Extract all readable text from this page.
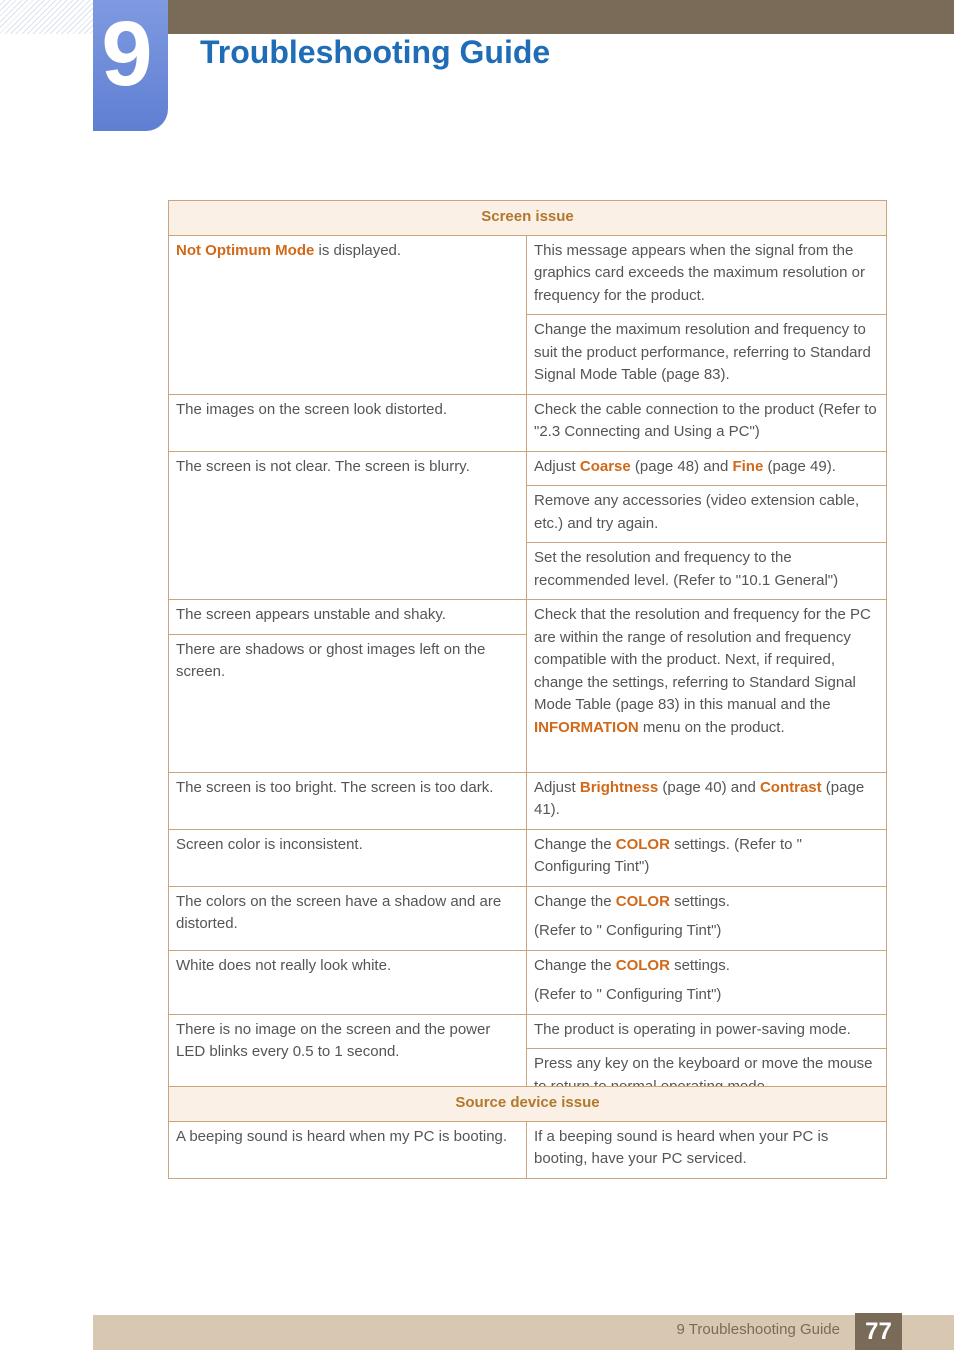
9 Troubleshooting Guide
Screen issue	
Not Optimum Mode is displayed.	This message appears when the signal from the graphics card exceeds the maximum resolution or frequency for the product.

	Change the maximum resolution and frequency to suit the product performance, referring to Standard Signal Mode Table (page 83).

The images on the screen look distorted.	Check the cable connection to the product (Refer to "2.3 Connecting and Using a PC")

The screen is not clear. The screen is blurry.	Adjust Coarse (page 48) and Fine (page 49).

	Remove any accessories (video extension cable, etc.) and try again.

	Set the resolution and frequency to the recommended level. (Refer to "10.1 General")

The screen appears unstable and shaky.	Check that the resolution and frequency for the PC are within the range of resolution and frequency compatible with the product. Next, if required, change the settings, referring to Standard Signal Mode Table (page 83) in this manual and the INFORMATION menu on the product.

There are shadows or ghost images left on the screen.	
The screen is too bright. The screen is too dark.	Adjust Brightness (page 40) and Contrast (page 41).

Screen color is inconsistent.	Change the COLOR settings. (Refer to " Configuring Tint")

The colors on the screen have a shadow and are distorted.	Change the COLOR settings.

(Refer to " Configuring Tint")

White does not really look white.	Change the COLOR settings.

(Refer to " Configuring Tint")

There is no image on the screen and the power LED blinks every 0.5 to 1 second.	The product is operating in power-saving mode.

	Press any key on the keyboard or move the mouse

Source device issue
A beeping sound is heard when my PC is booting.	If a beeping sound is heard when your PC is booting, have your PC serviced.

9 Troubleshooting Guide	77
